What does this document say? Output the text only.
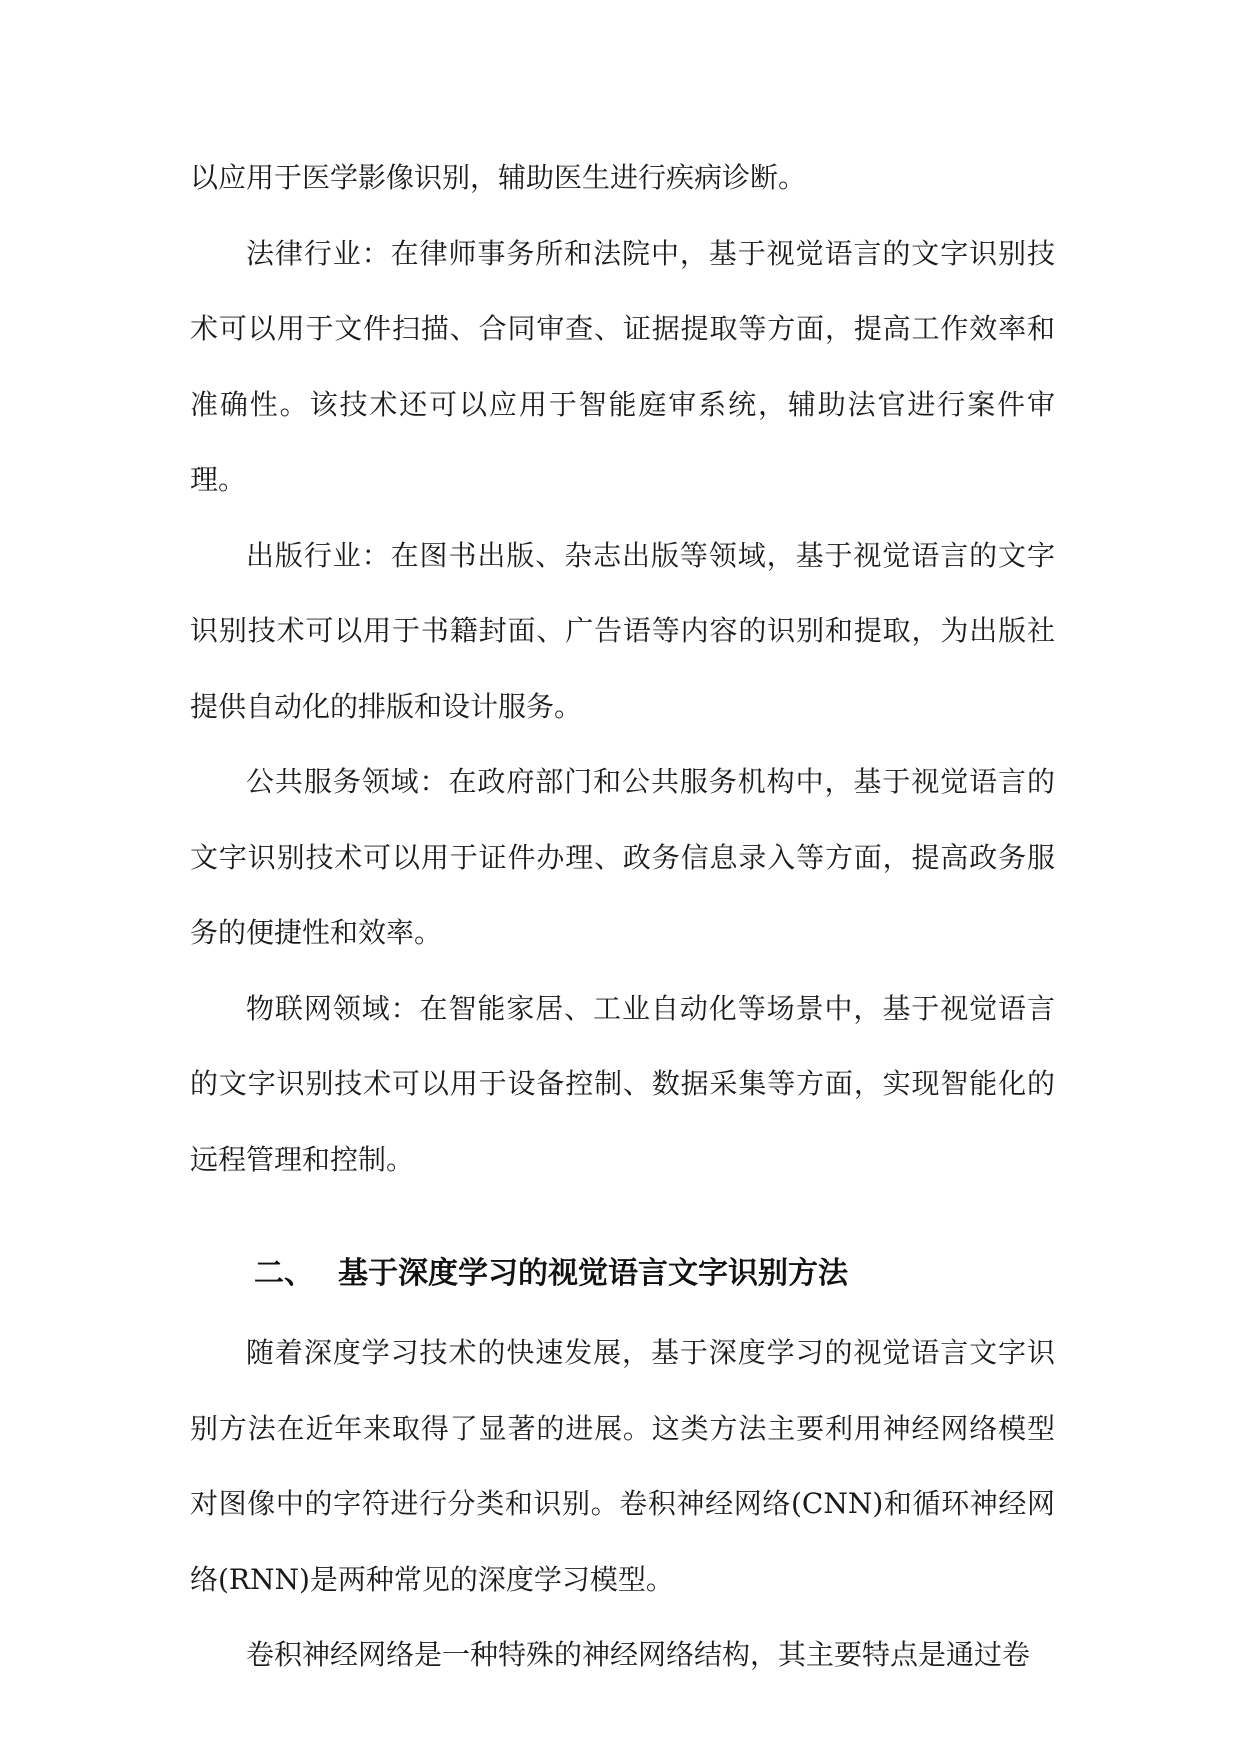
以应用于医学影像识别，辅助医生进行疾病诊断。

法律行业：在律师事务所和法院中，基于视觉语言的文字识别技术可以用于文件扫描、合同审查、证据提取等方面，提高工作效率和准确性。该技术还可以应用于智能庭审系统，辅助法官进行案件审理。

出版行业：在图书出版、杂志出版等领域，基于视觉语言的文字识别技术可以用于书籍封面、广告语等内容的识别和提取，为出版社提供自动化的排版和设计服务。

公共服务领域：在政府部门和公共服务机构中，基于视觉语言的文字识别技术可以用于证件办理、政务信息录入等方面，提高政务服务的便捷性和效率。

物联网领域：在智能家居、工业自动化等场景中，基于视觉语言的文字识别技术可以用于设备控制、数据采集等方面，实现智能化的远程管理和控制。

二、 基于深度学习的视觉语言文字识别方法

随着深度学习技术的快速发展，基于深度学习的视觉语言文字识别方法在近年来取得了显著的进展。这类方法主要利用神经网络模型对图像中的字符进行分类和识别。卷积神经网络(CNN)和循环神经网络(RNN)是两种常见的深度学习模型。

卷积神经网络是一种特殊的神经网络结构，其主要特点是通过卷
